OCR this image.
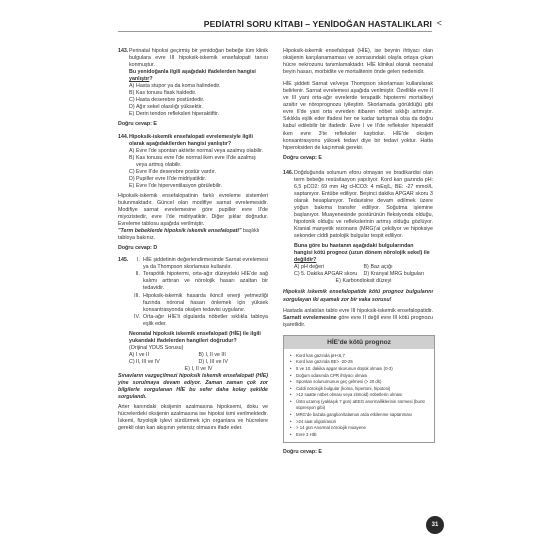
PEDİATRİ SORU KİTABI – YENİDOĞAN HASTALIKLARI <
143. Perinatal hipoksi geçirmiş bir yenidoğan bebeğe tüm klinik bulgulara evre III hipoksik-iskemik ensefalopati tanısı konmuştur.

Bu yenidoğanla ilgili aşağıdaki ifadelerden hangisi yanlıştır?

A) Hasta stupor ya da koma halindedir.
B) Kas tonusu flask haldedir.
C) Hasta deserebre postürdedir.
D) Ağır sekel olasılığı yüksektir.
E) Derin tendon refleksleri hiperaktiftir.

Doğru cevap: E

144. Hipoksik-iskemik ensefalopati evrelemesiyle ilgili olarak aşağıdakilerden hangisi yanlıştır?
A) Evre I'de spontan aktivite normal veya azalmış olabilir.
B) Kas tonusu evre I'de normal iken evre II'de azalmış veya artmış olabilir.
C) Evre II'de deserebre postür vardır.
D) Pupiller evre II'de midriyatiktir.
E) Evre I'de hiperventilasyon görülebilir.

Hipoksik-iskemik ensefalopatinin farklı evreleme sistemleri bulunmaktadır. Güncel olan modifiye sarnat evrelemesidir. Modifiye sarnat evrelemesine göre pupiller evre II'de miyozistedir, evre I'de midriyatiktir. Diğer şıklar doğrudur. Evreleme tablosu aşağıda verilmiştir.

"Term bebeklerde hipoksik iskemik ensefalopati" başlıklı tabloya bakınız.

Doğru cevap: D

145.	I. HİE şiddetinin değerlendirmesinde Sarnat evrelemesi ya da Thompson skorlaması kullanılır.
II. Terapötik hipotermi, orta-ağır düzeydeki HİE'de sağ kalımı arttıran ve nörolojik hasarı azaltan bir tedavidir.
III. Hipoksik-iskemik hasarda ikincil enerji yetmezliği fazında nöronal hasarı önlemek için yüksek konsantrasyonda oksijen tedavisi uygulanır.
IV. Orta-ağır HİE'li olgularda nöbetler sıklıkla tabloya eşlik eder.

Neonatal hipoksik iskemik ensefalopati (HİE) ile ilgili yukarıdaki ifadelerden hangileri doğrudur?

(Orijinal YDUS Sorusu)

A) I ve II	B) I, II ve III
C) II, III ve IV	D) I, III ve IV
E) I, II ve IV

Sınavların vazgeçilmezi hipoksik iskemik ensefalopati (HİE) yine sorulmaya devam ediyor. Zaman zaman çok zor bilgilerle sorgulanan HİE bu sefer daha kolay şekilde sorgulandı.

Arter kanındaki oksijenin azalmasına hipoksemi, doku ve hücrelerdeki oksijenin azalmasına ise hipoksi ismi verilmektedir. İskemi, fizyolojik işlevi sürdürmek için organlara ve hücrelere gerekli olan kan akışının yetersiz olmasını ifade eder.

Hipoksik-iskemik ensefalopati (HİE), ise beynin ihtiyacı olan oksijenin karşılanamaması ve sonrasındaki olayla ortaya çıkan hücre nekrozunu tanımlamaktadır. HİE klinikal olarak neonatal beyin hasarı, morbidite ve mortalitenin önde gelen nedenidir.

HİE şiddeti Sarnat ve/veya Thompson skorlaması kullanılarak belirlenir. Sarnat evrelemesi aşağıda verilmiştir. Özellikle evre II ve III yani orta-ağır evrelerde terapatik hipotermi mortaliteyi azaltır ve nöroprognozu iyileştirir. Skorlamada görüldüğü gibi evre II'de yani orta evreden itibaren nöbet sıklığı artmıştır. Sıklıkla eşlik eder ifadesi her ne kadar tartışmalı olsa da doğru kabul edilebilir bir ifadedir. Evre I ve II'de refleksler hiperaktif iken evre 3'te refleksler kaybolur. HİE'de oksijen konsantrasyonu yüksek tedavi diye bir tedavi yoktur. Hatta hiperoksiden de kaçınmak gerekir.

Doğru cevap: E

146. Doğduğunda solunum eforu olmayan ve bradikardisi olan term bebeğe resüsitasyon yapılıyor. Kord kan gazında pH: 6,5 pCO2: 69 mm Hg cHCO3: 4 mEq/L, BE: -27 mmol/L saptanıyor. Entübe ediliyor. Beşinci dakika APGAR skoru 3 olarak hesaplanıyor. Tedavisine devam edilmek üzere yoğun bakıma transfer ediliyor. Soğutma işlemine başlanıyor. Muayenesinde postürünün fleksiyonda olduğu, hipotonik olduğu ve reflekslerinin artmış olduğu gözlüyor. Kranial manyetik rezonans (MRG)'ai çekiliyor ve hipoksiye sekonder ciddi patolojik bulgular tespit ediliyor.

Buna göre bu hastanın aşağıdaki bulgularından hangisi kötü prognoz (uzun dönem nörolojik sekel) ile değildir?

A) pH değeri	B) Baz açığı
C) 5. Dakika APGAR skoru D) Kranyal MRG bulguları
E) Karbondioksit düzeyi

Hipoksik iskemik ensefalopatide kötü prognoz bulgularını sorgulayan iki aşamalı zor bir vaka sorusu!

Hastada anlatılan tablo evre III hipoksik-iskemik ensefalopatidir. Sarnatt evrelemesine göre evre II değil evre III kötü prognozu işaretlidir.

HİE'de kötü prognoz
•	Kord kan gazında pH<6,7
•	Kord kan gazında BE> -20-25
•	5 ve 10. dakika apgar skorunun düşük olması (0-3)
•	Doğum odasında CPR ihtiyacı olması
•	Spontan solunumunun geç gelmesi (> 20 dk)
•	Ciddi nörolojik bulgular (koma, hipertoni, hipotoni)
•	>12 saatte nöbet olması veya zitmoid) nöbetlerin olması
•	Üstü uzamış (yaklaşık 7 gün) aEEG anormalliklerinin sürmesi (burst süpresyon gibi)
•	MRG'de bazala ganglion/talamus arda etkilenme saptanması
•	>24 saat oligüri/anüri
•	> 14 gün Anormal nörolojik muayene
•	Evre 3 HİE

Doğru cevap: E

31
